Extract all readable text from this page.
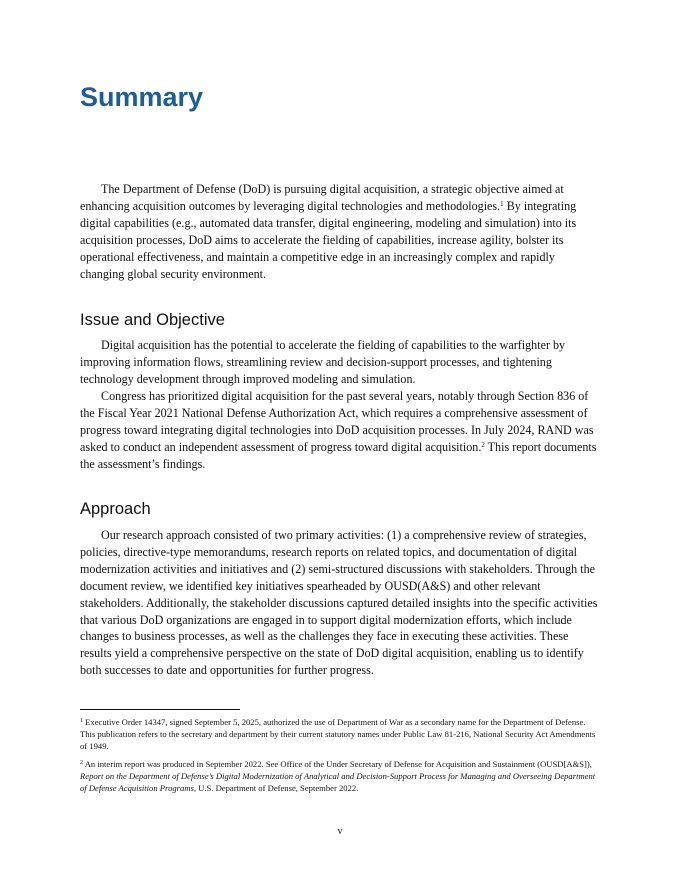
Summary

The Department of Defense (DoD) is pursuing digital acquisition, a strategic objective aimed at enhancing acquisition outcomes by leveraging digital technologies and methodologies.$^1$ By integrating digital capabilities (e.g., automated data transfer, digital engineering, modeling and simulation) into its acquisition processes, DoD aims to accelerate the fielding of capabilities, increase agility, bolster its operational effectiveness, and maintain a competitive edge in an increasingly complex and rapidly changing global security environment.

Issue and Objective

Digital acquisition has the potential to accelerate the fielding of capabilities to the warfighter by improving information flows, streamlining review and decision-support processes, and tightening technology development through improved modeling and simulation.

Congress has prioritized digital acquisition for the past several years, notably through Section 836 of the Fiscal Year 2021 National Defense Authorization Act, which requires a comprehensive assessment of progress toward integrating digital technologies into DoD acquisition processes. In July 2024, RAND was asked to conduct an independent assessment of progress toward digital acquisition.$^2$ This report documents the assessment’s findings.

Approach

Our research approach consisted of two primary activities: (1) a comprehensive review of strategies, policies, directive-type memorandums, research reports on related topics, and documentation of digital modernization activities and initiatives and (2) semi-structured discussions with stakeholders. Through the document review, we identified key initiatives spearheaded by OUSD(A&S) and other relevant stakeholders. Additionally, the stakeholder discussions captured detailed insights into the specific activities that various DoD organizations are engaged in to support digital modernization efforts, which include changes to business processes, as well as the challenges they face in executing these activities. These results yield a comprehensive perspective on the state of DoD digital acquisition, enabling us to identify both successes to date and opportunities for further progress.

$^1$ Executive Order 14347, signed September 5, 2025, authorized the use of Department of War as a secondary name for the Department of Defense. This publication refers to the secretary and department by their current statutory names under Public Law 81-216, National Security Act Amendments of 1949.

$^2$ An interim report was produced in September 2022. See Office of the Under Secretary of Defense for Acquisition and Sustainment (OUSD[A&S]), Report on the Department of Defense’s Digital Modernization of Analytical and Decision-Support Process for Managing and Overseeing Department of Defense Acquisition Programs, U.S. Department of Defense, September 2022.

v
